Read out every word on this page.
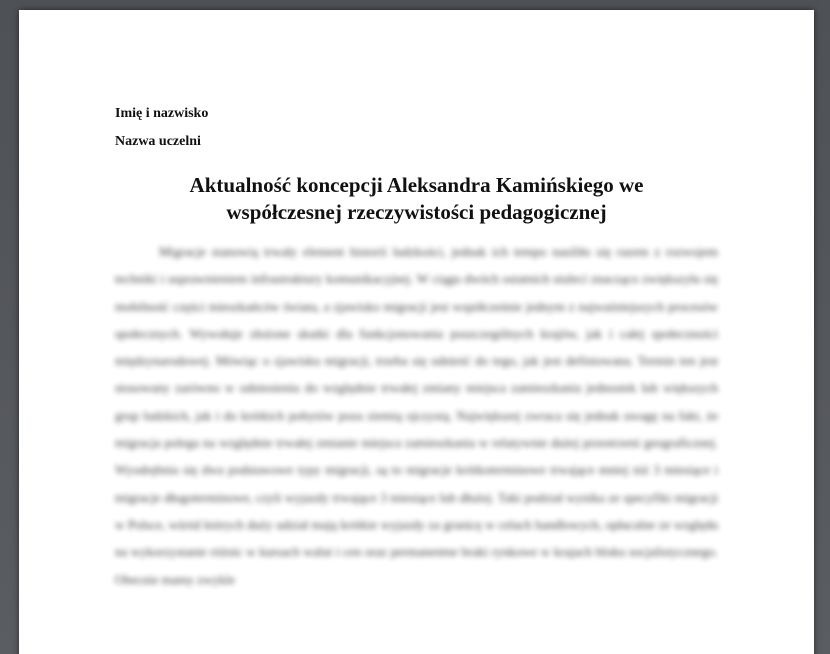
Imię i nazwisko
Nazwa uczelni
Aktualność koncepcji Aleksandra Kamińskiego we
współczesnej rzeczywistości pedagogicznej

Migracje stanowią trwały element historii ludzkości, jednak ich tempo nasiliło się razem z rozwojem techniki i usprawnieniem infrastruktury komunikacyjnej. W ciągu dwóch ostatnich stuleci znacząco zwiększyła się mobilność części mieszkańców świata, a zjawisko migracji jest współcześnie jednym z najważniejszych procesów społecznych. Wywołuje złożone skutki dla funkcjonowania poszczególnych krajów, jak i całej społeczności międzynarodowej. Mówiąc o zjawisku migracji, trzeba się odnieść do tego, jak jest definiowana. Termin ten jest stosowany zarówno w odniesieniu do względnie trwałej zmiany miejsca zamieszkania jednostek lub większych grup ludzkich, jak i do krótkich pobytów poza ziemią ojczystą. Największej zwraca się jednak uwagę na fakt, że migracja polega na względnie trwałej zmianie miejsca zamieszkania w relatywnie dużej przestrzeni geograficznej. Wyodrębnia się dwa podstawowe typy migracji, są to migracje krótkoterminowe trwające mniej niż 3 miesiące i migracje długoterminowe, czyli wyjazdy trwające 3 miesiące lub dłużej. Taki podział wynika ze specyfiki migracji w Polsce, wśród których duży udział mają krótkie wyjazdy za granicę w celach handlowych, opłacalne ze względu na wykorzystanie różnic w kursach walut i cen oraz permanentne braki rynkowe w krajach bloku socjalistycznego. Obecnie mamy zwykle
